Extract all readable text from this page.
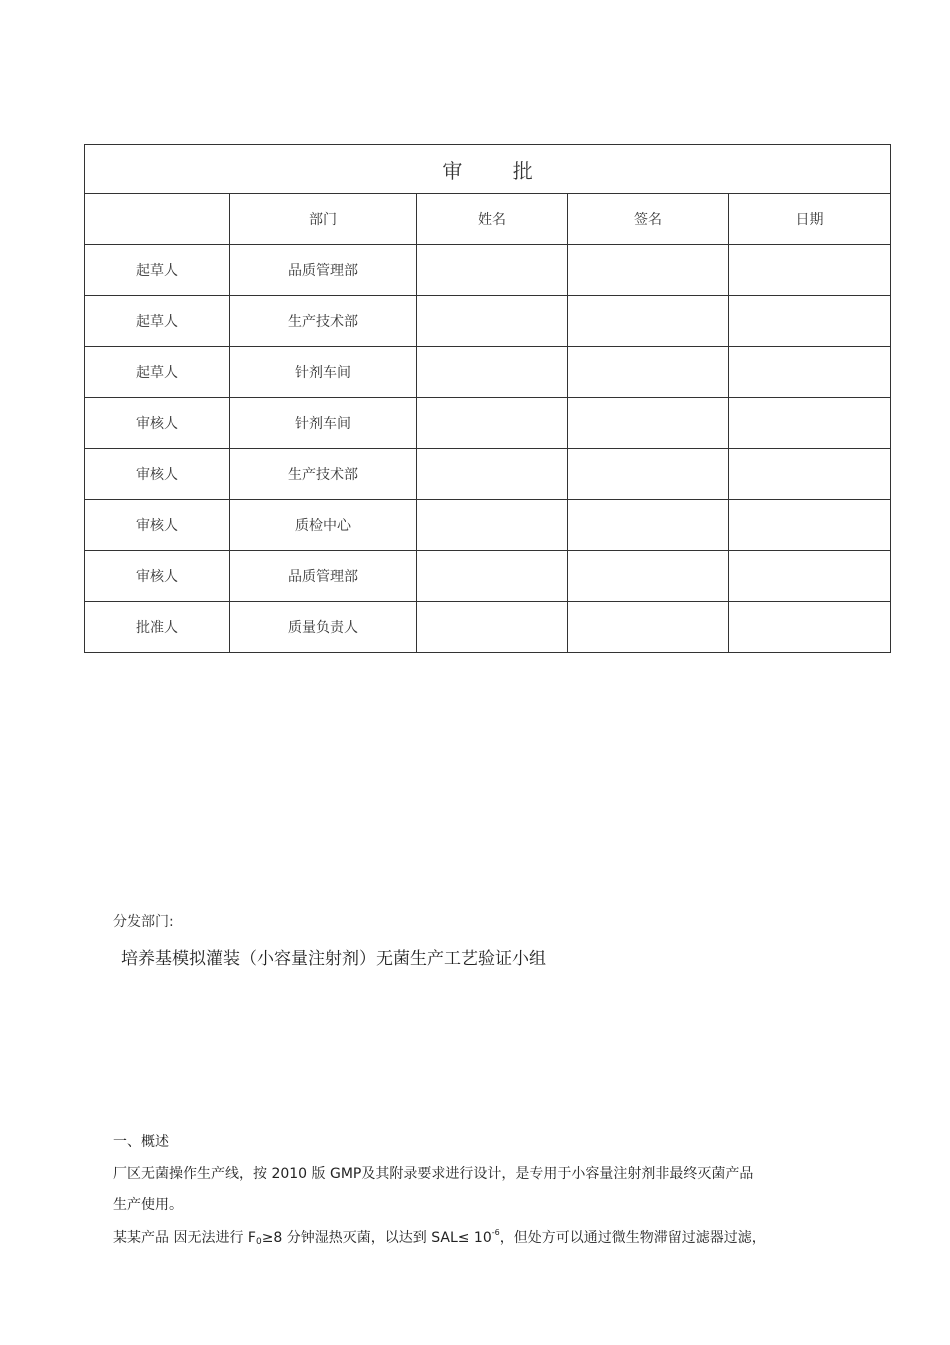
审 批				
	部门	姓名	签名	日期
起草人	品质管理部			
起草人	生产技术部			
起草人	针剂车间			
审核人	针剂车间			
审核人	生产技术部			
审核人	质检中心			
审核人	品质管理部			
批准人	质量负责人			
分发部门:
培养基模拟灌装（小容量注射剂）无菌生产工艺验证小组
一、概述
厂区无菌操作生产线，按 2010 版 GMP及其附录要求进行设计，是专用于小容量注射剂非最终灭菌产品
生产使用。
某某产品 因无法进行 $F_0\ge 8$ 分钟湿热灭菌，以达到 $SAL\le 10^{-6}$，但处方可以通过微生物滞留过滤器过滤，
